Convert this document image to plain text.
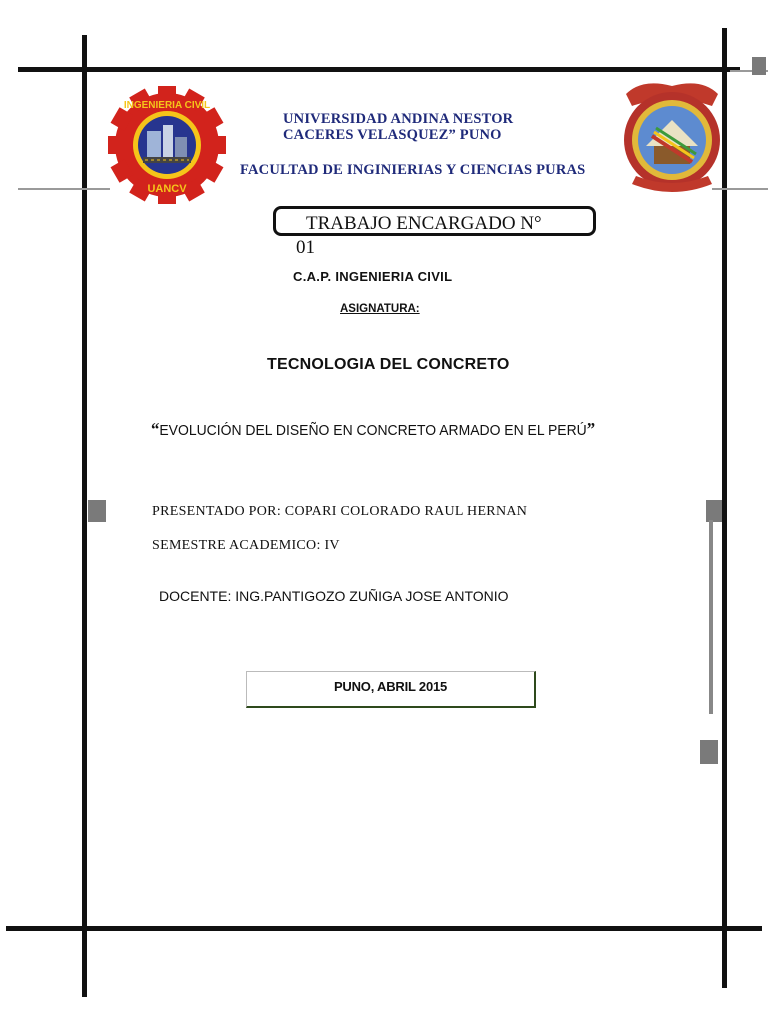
INGENIERIA CIVIL
UANCV
UNIVERSIDAD ANDINA NESTOR
CACERES VELASQUEZ” PUNO
FACULTAD DE INGINIERIAS Y CIENCIAS PURAS
TRABAJO ENCARGADO N°
01
C.A.P. INGENIERIA CIVIL
ASIGNATURA:
TECNOLOGIA DEL CONCRETO
“EVOLUCIÓN DEL DISEÑO EN CONCRETO ARMADO EN EL PERÚ”
PRESENTADO POR: COPARI COLORADO RAUL HERNAN
SEMESTRE ACADEMICO: IV
DOCENTE: ING.PANTIGOZO ZUÑIGA JOSE ANTONIO
PUNO, ABRIL 2015
